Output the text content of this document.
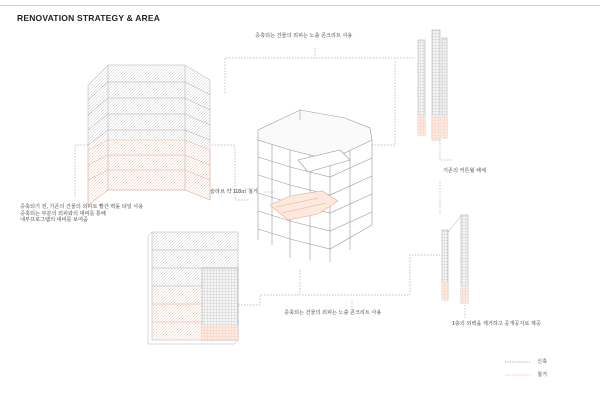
RENOVATION STRATEGY & AREA
증축되는 건물의 외피는 노출 콘크리트 사용
슬라브 약 118㎡ 철거
증축되기 전, 기존의 건물의 외피로 빨간 벽돌 타일 사용
증축되는 부분의 외피와의 대비를 통해
내부프로그램의 대비를 보여줌
기존의 커튼월 해체
증축되는 건물의 외피는 노출 콘크리트 사용
1층의 외벽을 제거하고 공개공지로 제공
신축
철거
